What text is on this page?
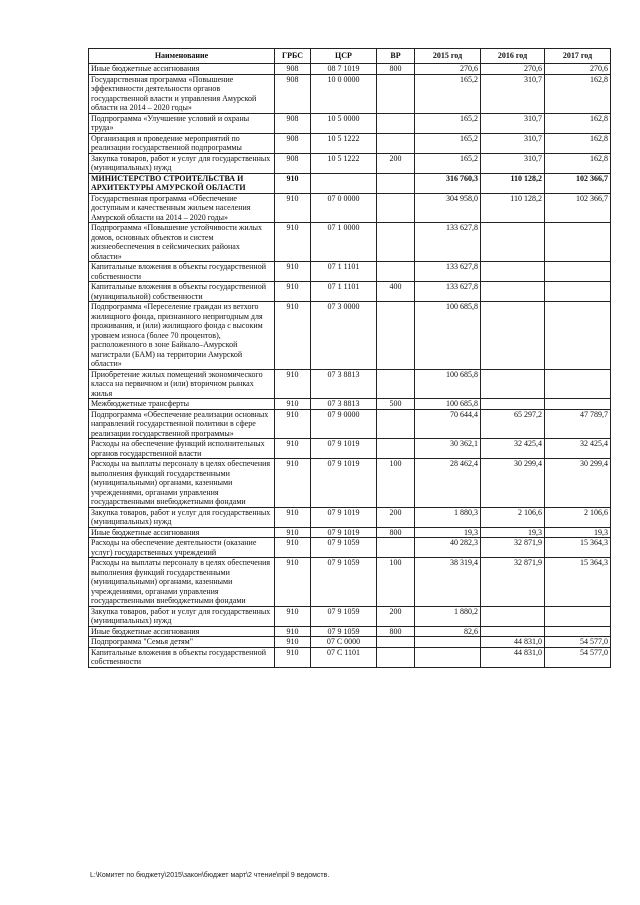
Наименование	ГРБС	ЦСР	ВР	2015 год	2016 год	2017 год
Иные бюджетные ассигнования	908	08 7 1019	800	270,6	270,6	270,6
Государственная программа «Повышение эффективности деятельности органов государственной власти и управления Амурской области на 2014 – 2020 годы»	908	10 0 0000		165,2	310,7	162,8
Подпрограмма «Улучшение условий и охраны труда»	908	10 5 0000		165,2	310,7	162,8
Организация и проведение мероприятий по реализации государственной подпрограммы	908	10 5 1222		165,2	310,7	162,8
Закупка товаров, работ и услуг для государственных (муниципальных) нужд	908	10 5 1222	200	165,2	310,7	162,8
МИНИСТЕРСТВО СТРОИТЕЛЬСТВА И АРХИТЕКТУРЫ АМУРСКОЙ ОБЛАСТИ	910			316 760,3	110 128,2	102 366,7
Государственная программа «Обеспечение доступным и качественным жильем населения Амурской области на 2014 – 2020 годы»	910	07 0 0000		304 958,0	110 128,2	102 366,7
Подпрограмма «Повышение устойчивости жилых домов, основных объектов и систем жизнеобеспечения в сейсмических районах области»	910	07 1 0000		133 627,8		
Капитальные вложения в объекты государственной собственности	910	07 1 1101		133 627,8		
Капитальные вложения в объекты государственной (муниципальной) собственности	910	07 1 1101	400	133 627,8		
Подпрограмма «Переселение граждан из ветхого жилищного фонда, признанного непригодным для проживания, и (или) жилищного фонда с высоким уровнем износа (более 70 процентов), расположенного в зоне Байкало–Амурской магистрали (БАМ) на территории Амурской области»	910	07 3 0000		100 685,8		
Приобретение жилых помещений экономического класса на первичном и (или) вторичном рынках жилья	910	07 3 8813		100 685,8		
Межбюджетные трансферты	910	07 3 8813	500	100 685,8		
Подпрограмма «Обеспечение реализации основных направлений государственной политики в сфере реализации государственной программы»	910	07 9 0000		70 644,4	65 297,2	47 789,7
Расходы на обеспечение функций исполнительных органов государственной власти	910	07 9 1019		30 362,1	32 425,4	32 425,4
Расходы на выплаты персоналу в целях обеспечения выполнения функций государственными (муниципальными) органами, казенными учреждениями, органами управления государственными внебюджетными фондами	910	07 9 1019	100	28 462,4	30 299,4	30 299,4
Закупка товаров, работ и услуг для государственных (муниципальных) нужд	910	07 9 1019	200	1 880,3	2 106,6	2 106,6
Иные бюджетные ассигнования	910	07 9 1019	800	19,3	19,3	19,3
Расходы на обеспечение деятельности (оказание услуг) государственных учреждений	910	07 9 1059		40 282,3	32 871,9	15 364,3
Расходы на выплаты персоналу в целях обеспечения выполнения функций государственными (муниципальными) органами, казенными учреждениями, органами управления государственными внебюджетными фондами	910	07 9 1059	100	38 319,4	32 871,9	15 364,3
Закупка товаров, работ и услуг для государственных (муниципальных) нужд	910	07 9 1059	200	1 880,2		
Иные бюджетные ассигнования	910	07 9 1059	800	82,6		
Подпрограмма "Семья детям"	910	07 С 0000			44 831,0	54 577,0
Капитальные вложения в объекты государственной собственности	910	07 С 1101			44 831,0	54 577,0
L:\Комитет по бюджету\2015\закон\бюджет март\2 чтение\прil 9 ведомств.
